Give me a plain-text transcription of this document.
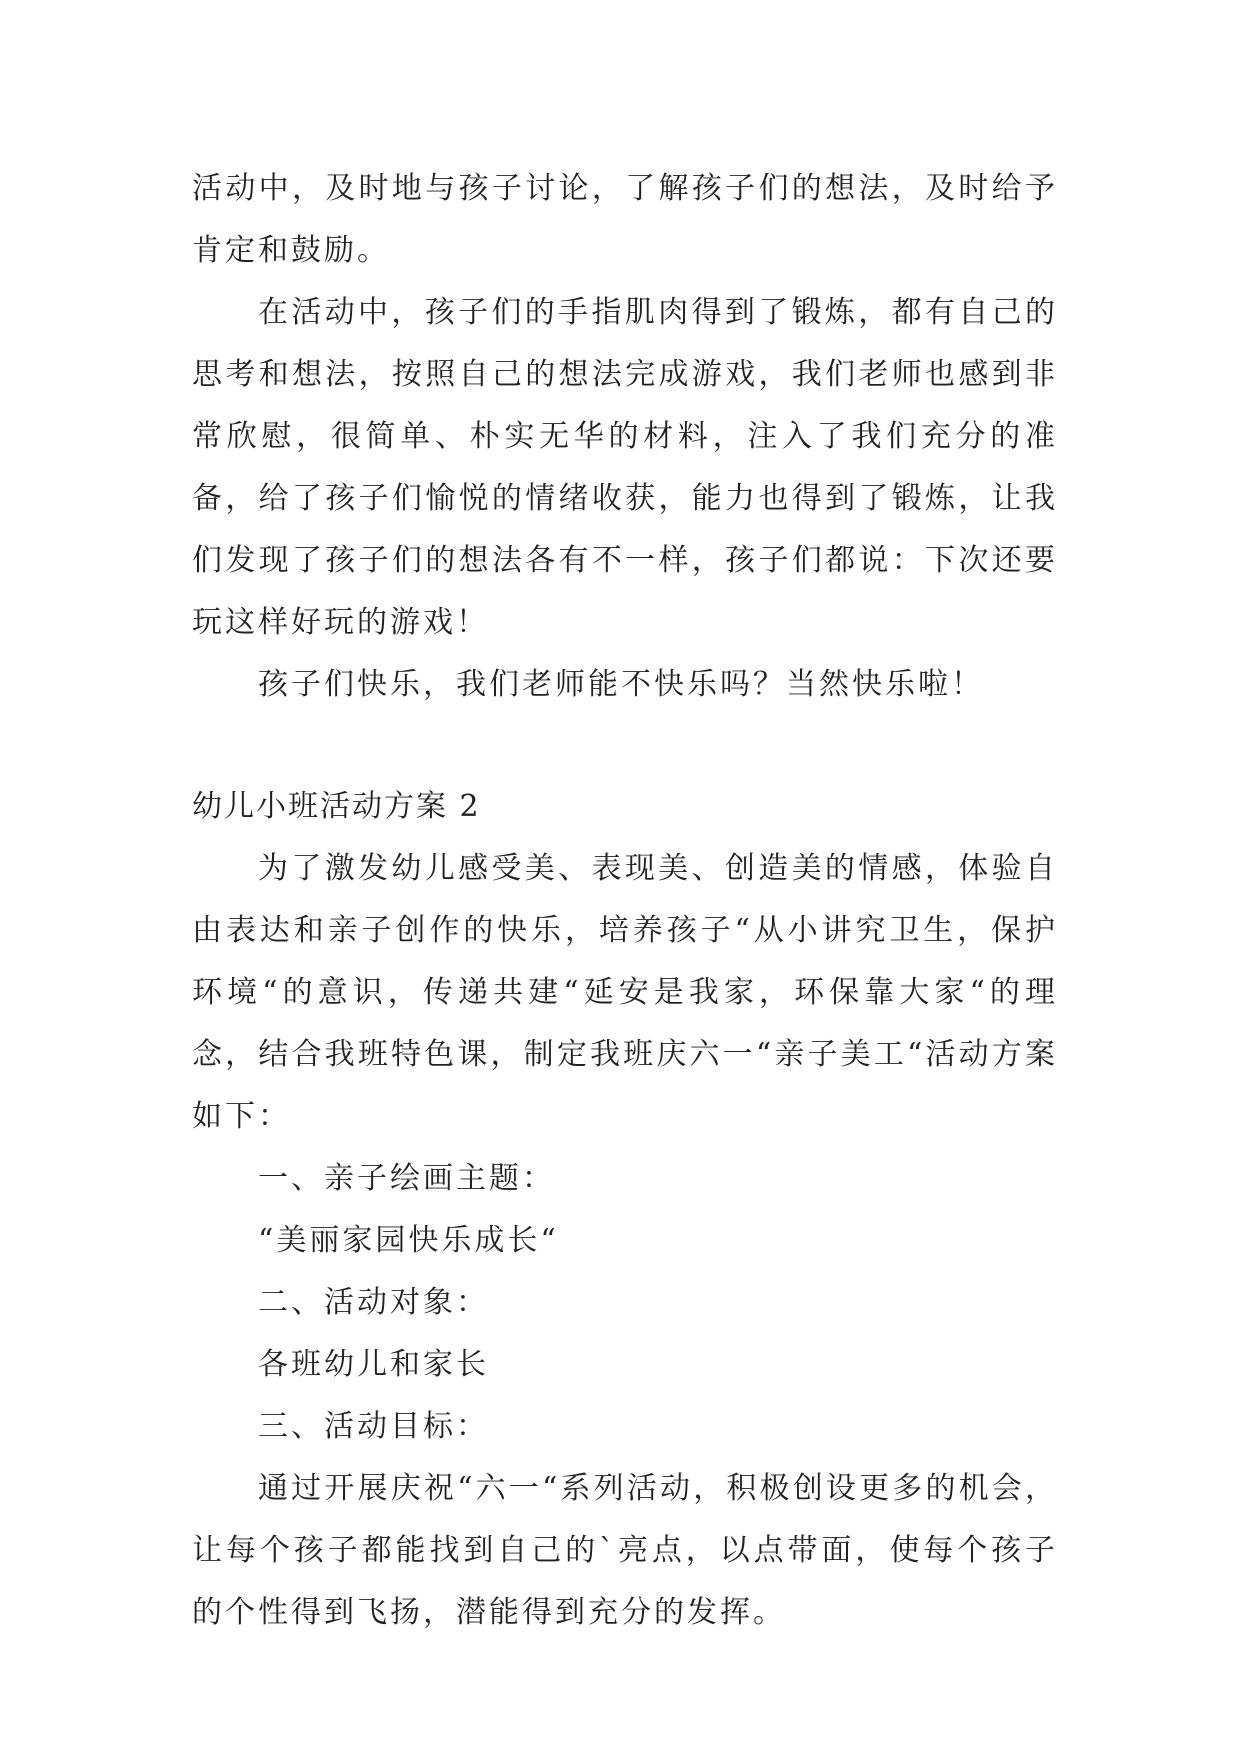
活动中，及时地与孩子讨论，了解孩子们的想法，及时给予肯定和鼓励。

在活动中，孩子们的手指肌肉得到了锻炼，都有自己的思考和想法，按照自己的想法完成游戏，我们老师也感到非常欣慰，很简单、朴实无华的材料，注入了我们充分的准备，给了孩子们愉悦的情绪收获，能力也得到了锻炼，让我们发现了孩子们的想法各有不一样，孩子们都说：下次还要玩这样好玩的游戏！

孩子们快乐，我们老师能不快乐吗？当然快乐啦！

幼儿小班活动方案 2

为了激发幼儿感受美、表现美、创造美的情感，体验自由表达和亲子创作的快乐，培养孩子“从小讲究卫生，保护环境“的意识，传递共建“延安是我家，环保靠大家“的理念，结合我班特色课，制定我班庆六一“亲子美工“活动方案如下：

一、亲子绘画主题：

“美丽家园快乐成长“

二、活动对象：

各班幼儿和家长

三、活动目标：

通过开展庆祝“六一“系列活动，积极创设更多的机会，让每个孩子都能找到自己的`亮点，以点带面，使每个孩子的个性得到飞扬，潜能得到充分的发挥。
